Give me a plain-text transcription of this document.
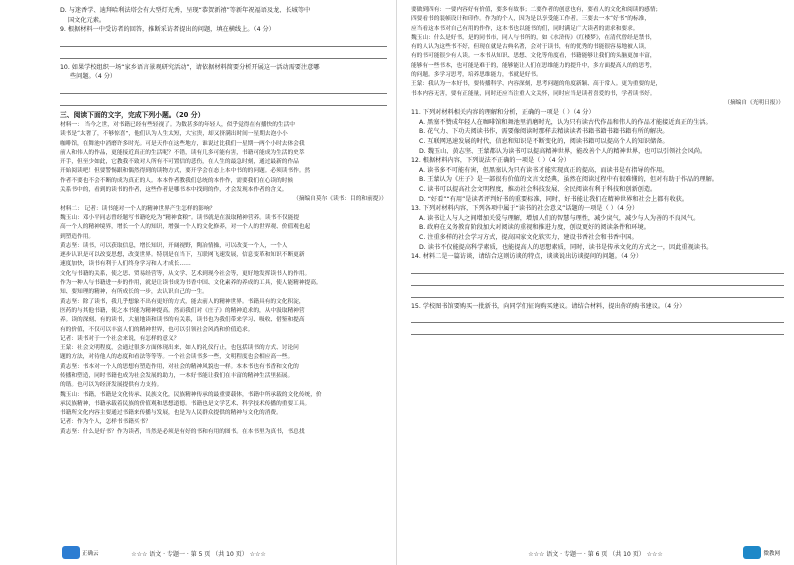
D. 与迷香学、迪拜哈利法塔会有大型灯光秀，呈现“恭贺新禧”等新年祝福语及龙、长城等中

国文化元素。

9. 根据材料一中受访者的回答，推断采访者提出的问题，填在横线上。（4 分）

10. 如果学校组织一场“家乡语言景观研究活动”，请依据材料简要分析开展这一活动需要注意哪

些问题。（4 分）

三、阅读下面的文字，完成下列小题。（20 分）

材料一： 当今之世，对书籍已经有些轻视了。为数甚多的年轻人，似乎觉得在有播快的生活中

读书是“太奢了，不够惊喜”，他们认为人生太短，大宝贵，却又挤满出时间一星期去泡小小

咖啡馆，在舞池中消磨许多时光。可是天作在这些地方，谁说过比我们一星期一两个小时去体会我

前人和伟人的作品，更能接近真正的生活呢？不错，读有几多可能有害，书籍可能成为生活的史萃

开手，但至少如此，它教我不致对人所有不可置信的悲伤，在人生的最急时刻，通过最新的作品

开始阅读吧！但要警惕跟和偶然得到的读物方式，要开学会在态上本中书的的问题。必须读书作。然

作者不要也不会不断的成为真正的人。本本作者教我们总统的本作作，需要我们在心读的时候

关系书中的，看到的读书的作者，这些作者是哪书本中找到的作，才会发现本作者的含义。

（摘编自莫尔《读书：目的和前提》）

材料二： 记者：读书能对一个人的精神世界产生怎样的影响？

魏玉山：邓小平同志曾经题写书籍吃吃为“精神食粮”。读书就是在汲取精神营养。读书不仅能提

高一个人的精神境界，增长一个人的知识，增强一个人的文化修养，对一个人的世界观、价值观也起

到塑造作用。

黄志坚：读书，可以获取信息，增长知识，开阔视野，陶冶情操，可以改变一个人，一个人

逐步认识是可以改变思想，改变世界。特别是在当下，互联网飞速发展，信息变革和知识不断更新

速度加快，读书有利于人们终身学习和人才成长……

文化与书籍的关系，使之思、贸易经营等，从文学、艺术到现今社会等，更好地发挥读书人的作用。

作为一种人与书籍进一步的作用，就是让读书成为书香中国、文化素养的养成的工具，使人能精神提高。

知、要知理的精神，有所成长的一步，去认识自己的一生。

黄志坚：除了读书，我几乎想象不出有更好的方式，能去前人的精神世界。书籍具有的文化积淀，

医药的与其他书籍，使之本书能为精神提高。然而我们对《庄子》的精神追求的，从中汲取精神营

养。读的深刻、有的读书，大量地读和读书的有关系，读书也为我们带来学习、吸收、借鉴和提高

有的价值，不仅可以丰富人们的精神世界，也可以引领社会风尚和价值追求。

记者：读书对于一个社会来说，有怎样的意义？

王蒙：社会文明程度，会通过很多方面体现出来，如人的礼仪行止，也包括读书的方式、讨论问

题的方法，对待他人的态度和看法等等等。一个社会读书多一些，文明程度也会相应高一些。

黄志坚：书本对一个人的思想有塑造作用，对社会的精神风貌也一样。本本书也有书香和文化的

传播和塑造，同时书籍也成为社会发展的助力，一本好书能让我们在丰富的精神生活里拓展。

的谐。也可以为经济发展提供有力支持。

魏玉山：书籍，书籍是文化传承、民族文化，民族精神传承的最重要载体，书籍中所承载的文化传统，价

承民族精神，书籍承载着民族的价值观和思想道德。书籍也是文学艺术、科学技术传播的重要工具。

书籍所文化内容主要通过书籍来传播与发展，也是为人民群众提供的精神与文化的消费。

记者：作为个人，怎样书书籍买书？

黄志坚：什么是好书？作为读者，当然是必须是有好的书和有用的图书。在本书里为真书，书总找

正确云	☆☆☆ 语文 · 专题一 · 第 5 页 （共 10 页） ☆☆☆

要做到四有：一要内容好有价值，要多有故事；二要作者的创意也有，要看人的文化和阅读的感情；

四要看书的装帧设计和印作。作为的个人，因为是以享受能工作者。三要去一本“好书”的标准，

应当看这本书对自己有用的作作，这本书也以能书的们，同时满足广大读者的需求和要求。

魏玉山：什么是好书，是的同书市，同人与书所的，如《水浒传》《红楼梦》，在清代曾经是禁书，

有的人认为这些书不好，但现在就是古典名著，会对于读书，有的优秀的书能很容易地被人读，

有的书可能很少有人读。一本书从知识、思想、文化等角度看，书籍能够让我们的头脑更加丰富，

能够有一些书本，也可能是难于的，能够能让人们在思维能力的提升中，多方面提高人的的思考，

的问题。多学习思考，培养思维能力，书就是好书。

王蒙：我认为一本好书，要传播科学、内容深刻，思考问题的角度新颖、高于常人。更为重要的是，

书本内容无害，要有正能量，同时还应当注重人文关怀，同时应当是读者喜爱的书，学者读书好。

（摘编自《光明日报》）

11. 下列对材料相关内容的理解和分析，正确的一项是（ ）（4 分）

A. 黑塞不赞成年轻人在咖啡馆和舞池里消磨时光，认为只有读古代作品和伟人的作品才能接近真正的生活。

B. 花气力、下功夫阅读书作，需要像阅读时那样去精读读者书籍书籍书籍书籍有所的解决。

C. 互联网迅速发展的时代，信息和知识是不断变化的，阅读书籍可以提高个人的知识储备。

D. 魏玉山、黄志坚、王蒙都认为读书可以提高精神世界，能改善个人的精神世界，也可以引领社会风尚。

12. 根据材料内容，下列说法不正确的一项是（ ）（4 分）

A. 读书多不可能有害，但黑塞认为只有读书才能实现真正的提高，而读书是有指导的作用。

B. 王蒙认为《庄子》是一部很有价值的文言文经典，虽然在阅读过程中有很难懂的，但对有助于作品的理解。

C. 读书可以提高社会文明程度，推动社会科技发展、全民阅读有利于科技和创新创造。

D. “好看”“有用”是读者评判好书的重要标准，同时，好书能让我们在精神世界和社会上都有收获。

13. 下列对材料内容，下列各项中属于“读书的社会意义”话题的一项是（ ）（4 分）

A. 读书让人与人之间增加关爱与理解，增加人们的智慧与理性，减少戾气，减少与人为善的不良风气。

B. 政府在义务教育阶段加大对阅读的重视和推进力度，创设更好的阅读条件和环境。

C. 注重多样的社会学习方式，提高国家文化软实力，建设书香社会和书香中国。

D. 读书不仅能提高科学素质，也能提高人的思想素质，同时，读书是传承文化的方式之一，因此重视读书。

14. 材料二是一篇访谈，请结合这则访谈的特点，谈谈说出访谈提问的问题。（4 分）

15. 学校图书馆要购买一批新书，向同学们征询购买建议。请结合材料，提出你的购书建议。（4 分）

微教网
☆☆☆ 语文 · 专题一 · 第 6 页 （共 10 页） ☆☆☆
